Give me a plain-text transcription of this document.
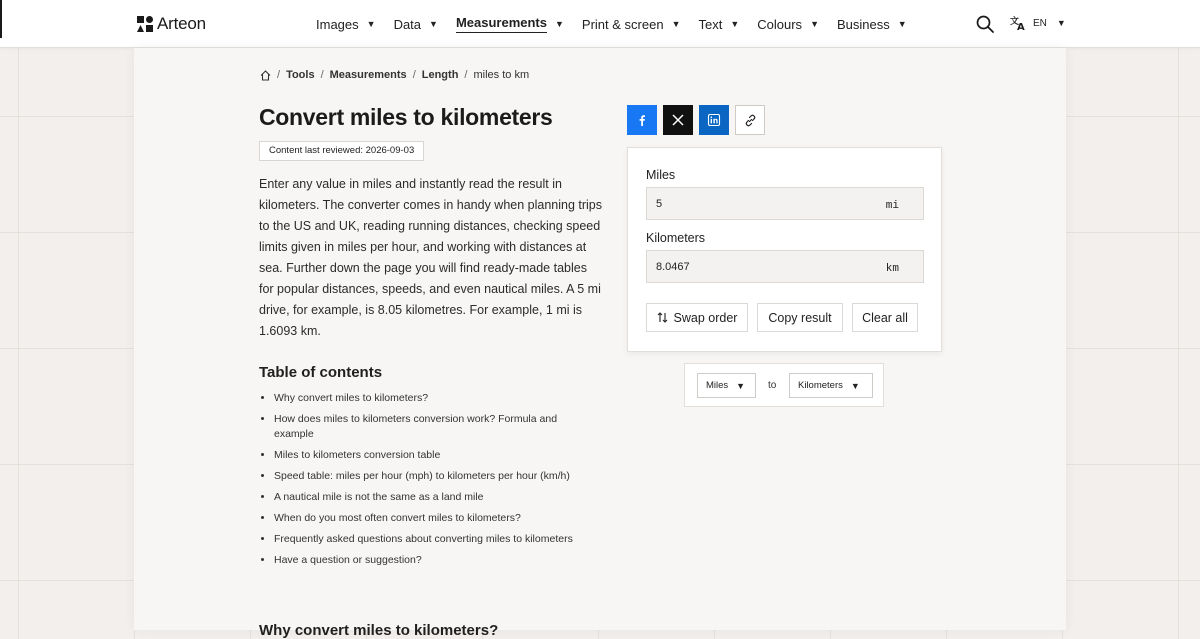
Arteon	Images ▼ Data ▼ Measurements ▼ Print & screen ▼ Text ▼ Colours ▼ Business ▼	文
A EN ▼
/ Tools / Measurements / Length / miles to km
Convert miles to kilometers
Content last reviewed: 2026-09-03

Enter any value in miles and instantly read the result in kilometers. The converter comes in handy when planning trips to the US and UK, reading running distances, checking speed limits given in miles per hour, and working with distances at sea. Further down the page you will find ready-made tables for popular distances, speeds, and even nautical miles. A 5 mi drive, for example, is 8.05 kilometres. For example, 1 mi is 1.6093 km.

Table of contents
• Why convert miles to kilometers?
• How does miles to kilometers conversion work? Formula and example
• Miles to kilometers conversion table
• Speed table: miles per hour (mph) to kilometers per hour (km/h)
• A nautical mile is not the same as a land mile
• When do you most often convert miles to kilometers?
• Frequently asked questions about converting miles to kilometers
• Have a question or suggestion?
Why convert miles to kilometers?
Miles
5
mi
Kilometers
8.0467
km
Swap order Copy result Clear all
Miles ▼ to Kilometers ▼
